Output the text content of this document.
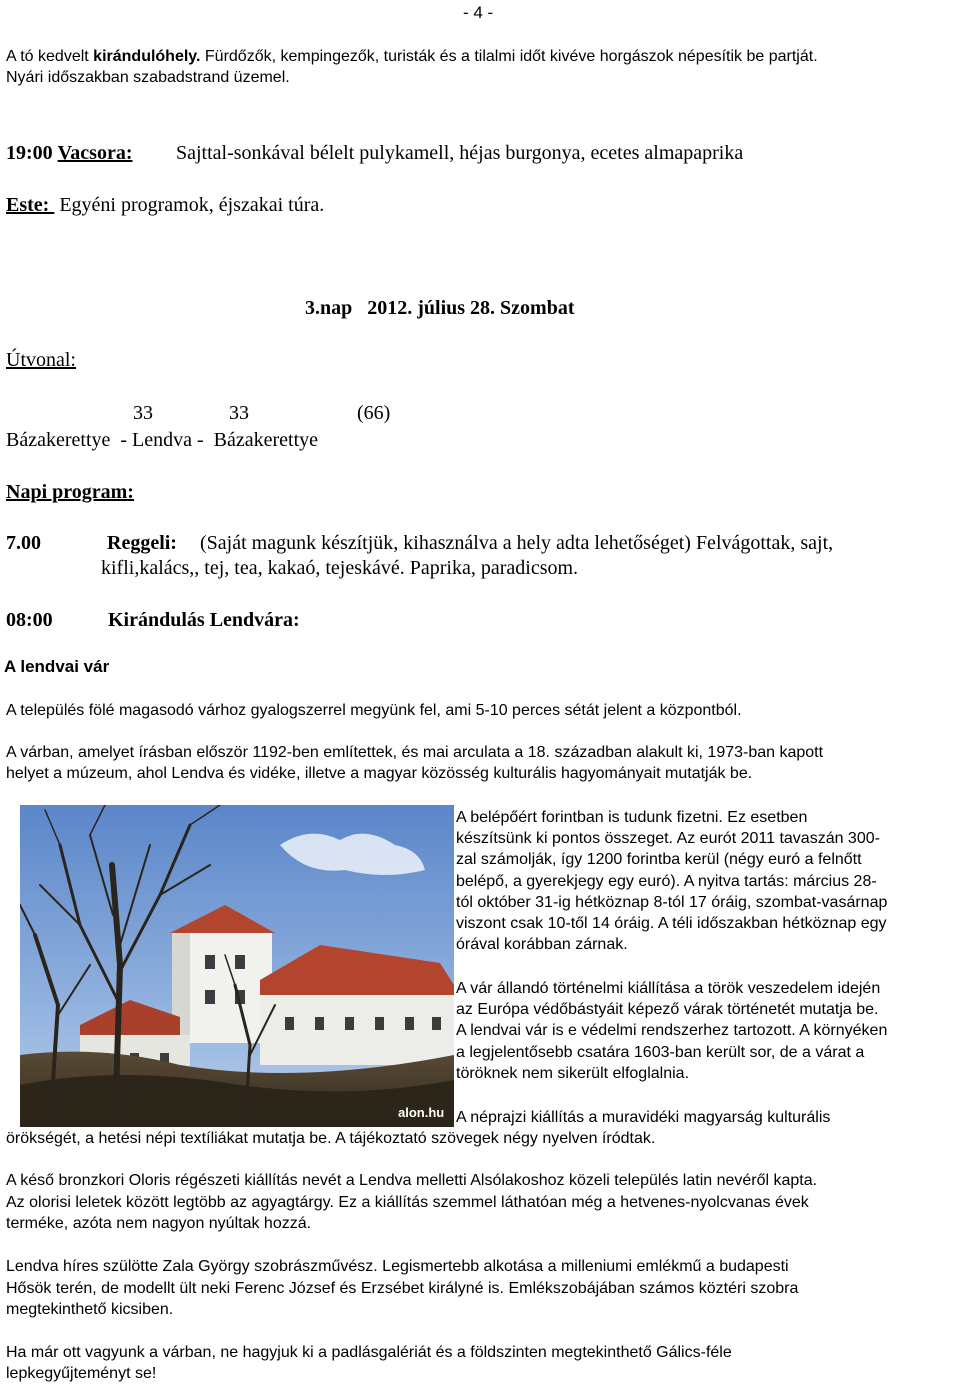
- 4 -
A tó kedvelt kirándulóhely. Fürdőzők, kempingezők, turisták és a tilalmi időt kivéve horgászok népesítik be partját.
Nyári időszakban szabadstrand üzemel.
19:00 Vacsora: Sajttal-sonkával bélelt pulykamell, héjas burgonya, ecetes almapaprika
Este:  Egyéni programok, éjszakai túra.
3.nap   2012. július 28. Szombat
Útvonal:
33	33	(66)
Bázakerettye  - Lendva -  Bázakerettye
Napi program:
7.00	Reggeli: (Saját magunk készítjük, kihasználva a hely adta lehetőséget) Felvágottak, sajt,
kifli,kalács,, tej, tea, kakaó, tejeskávé. Paprika, paradicsom.
08:00	Kirándulás Lendvára:
A lendvai vár
A település fölé magasodó várhoz gyalogszerrel megyünk fel, ami 5-10 perces sétát jelent a központból.
A várban, amelyet írásban először 1192-ben említettek, és mai arculata a 18. században alakult ki, 1973-ban kapott
helyet a múzeum, ahol Lendva és vidéke, illetve a magyar közösség kulturális hagyományait mutatják be.
alon.hu
A belépőért forintban is tudunk fizetni. Ez esetben
készítsünk ki pontos összeget. Az eurót 2011 tavaszán 300-
zal számolják, így 1200 forintba kerül (négy euró a felnőtt
belépő, a gyerekjegy egy euró). A nyitva tartás: március 28-
tól október 31-ig hétköznap 8-tól 17 óráig, szombat-vasárnap
viszont csak 10-től 14 óráig. A téli időszakban hétköznap egy
órával korábban zárnak.
A vár állandó történelmi kiállítása a török veszedelem idején
az Európa védőbástyáit képező várak történetét mutatja be.
A lendvai vár is e védelmi rendszerhez tartozott. A környéken
a legjelentősebb csatára 1603-ban került sor, de a várat a
töröknek nem sikerült elfoglalnia.
A néprajzi kiállítás a muravidéki magyarság kulturális
örökségét, a hetési népi textíliákat mutatja be. A tájékoztató szövegek négy nyelven íródtak.
A késő bronzkori Oloris régészeti kiállítás nevét a Lendva melletti Alsólakoshoz közeli település latin nevéről kapta.
Az olorisi leletek között legtöbb az agyagtárgy. Ez a kiállítás szemmel láthatóan még a hetvenes-nyolcvanas évek
terméke, azóta nem nagyon nyúltak hozzá.
Lendva híres szülötte Zala György szobrászművész. Legismertebb alkotása a milleniumi emlékmű a budapesti
Hősök terén, de modellt ült neki Ferenc József és Erzsébet királyné is. Emlékszobájában számos köztéri szobra
megtekinthető kicsiben.
Ha már ott vagyunk a várban, ne hagyjuk ki a padlásgalériát és a földszinten megtekinthető Gálics-féle
lepkegyűjteményt se!
